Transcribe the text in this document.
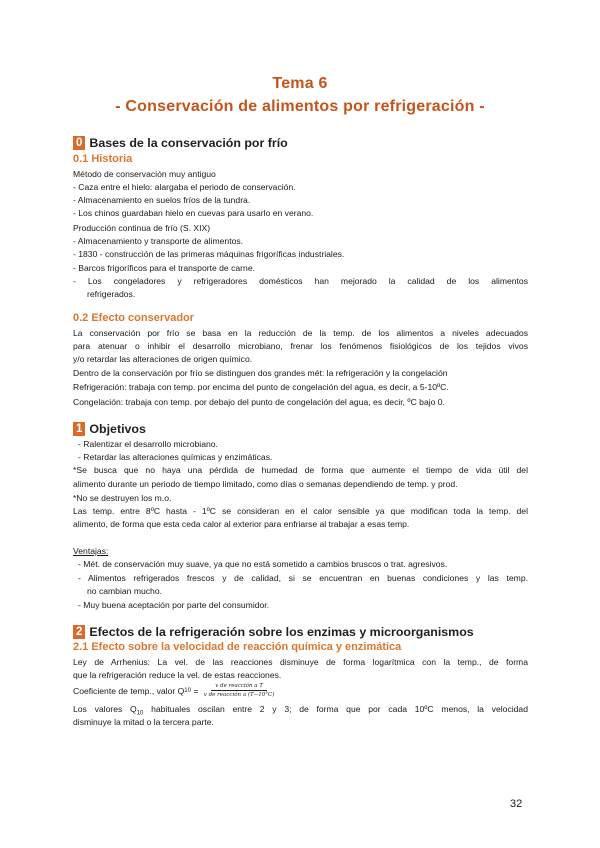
Tema 6
- Conservación de alimentos por refrigeración -
0 Bases de la conservación por frío
0.1 Historia
Método de conservación muy antiguo
- Caza entre el hielo: alargaba el periodo de conservación.
- Almacenamiento en suelos fríos de la tundra.
- Los chinos guardaban hielo en cuevas para usarlo en verano.
Producción continua de frío (S. XIX)
- Almacenamiento y transporte de alimentos.
- 1830 - construcción de las primeras máquinas frigoríficas industriales.
- Barcos frigoríficos para el transporte de carne.
- Los congeladores y refrigeradores domésticos han mejorado la calidad de los alimentos
refrigerados.
0.2 Efecto conservador
La conservación por frío se basa en la reducción de la temp. de los alimentos a niveles adecuados
para atenuar o inhibir el desarrollo microbiano, frenar los fenómenos fisiológicos de los tejidos vivos
y/o retardar las alteraciones de origen químico.
Dentro de la conservación por frío se distinguen dos grandes mét: la refrigeración y la congelación
Refrigeración: trabaja con temp. por encima del punto de congelación del agua, es decir, a 5-10ºC.
Congelación: trabaja con temp. por debajo del punto de congelación del agua, es decir, ºC bajo 0.
1 Objetivos
- Ralentizar el desarrollo microbiano.
- Retardar las alteraciones químicas y enzimáticas.
*Se busca que no haya una pérdida de humedad de forma que aumente el tiempo de vida útil del
alimento durante un periodo de tiempo limitado, como días o semanas dependiendo de temp. y prod.
*No se destruyen los m.o.
Las temp. entre 8ºC hasta - 1ºC se consideran en el calor sensible ya que modifican toda la temp. del
alimento, de forma que esta ceda calor al exterior para enfriarse al trabajar a esas temp.
Ventajas:
- Mét. de conservación muy suave, ya que no está sometido a cambios bruscos o trat. agresivos.
- Alimentos refrigerados frescos y de calidad, si se encuentran en buenas condiciones y las temp.
no cambian mucho.
- Muy buena aceptación por parte del consumidor.
2 Efectos de la refrigeración sobre los enzimas y microorganismos
2.1 Efecto sobre la velocidad de reacción química y enzimática
Ley de Arrhenius: La vel. de las reacciones disminuye de forma logarítmica con la temp., de forma
que la refrigeración reduce la vel. de estas reacciones.
Coeficiente de temp., valor Q $10 = \frac{\text{v de reacción a T}}{\text{v de reacción a (T−10°C)}}$
Los valores $Q_{10}$ habituales oscilan entre 2 y 3; de forma que por cada 10ºC menos, la velocidad
disminuye la mitad o la tercera parte.
32
